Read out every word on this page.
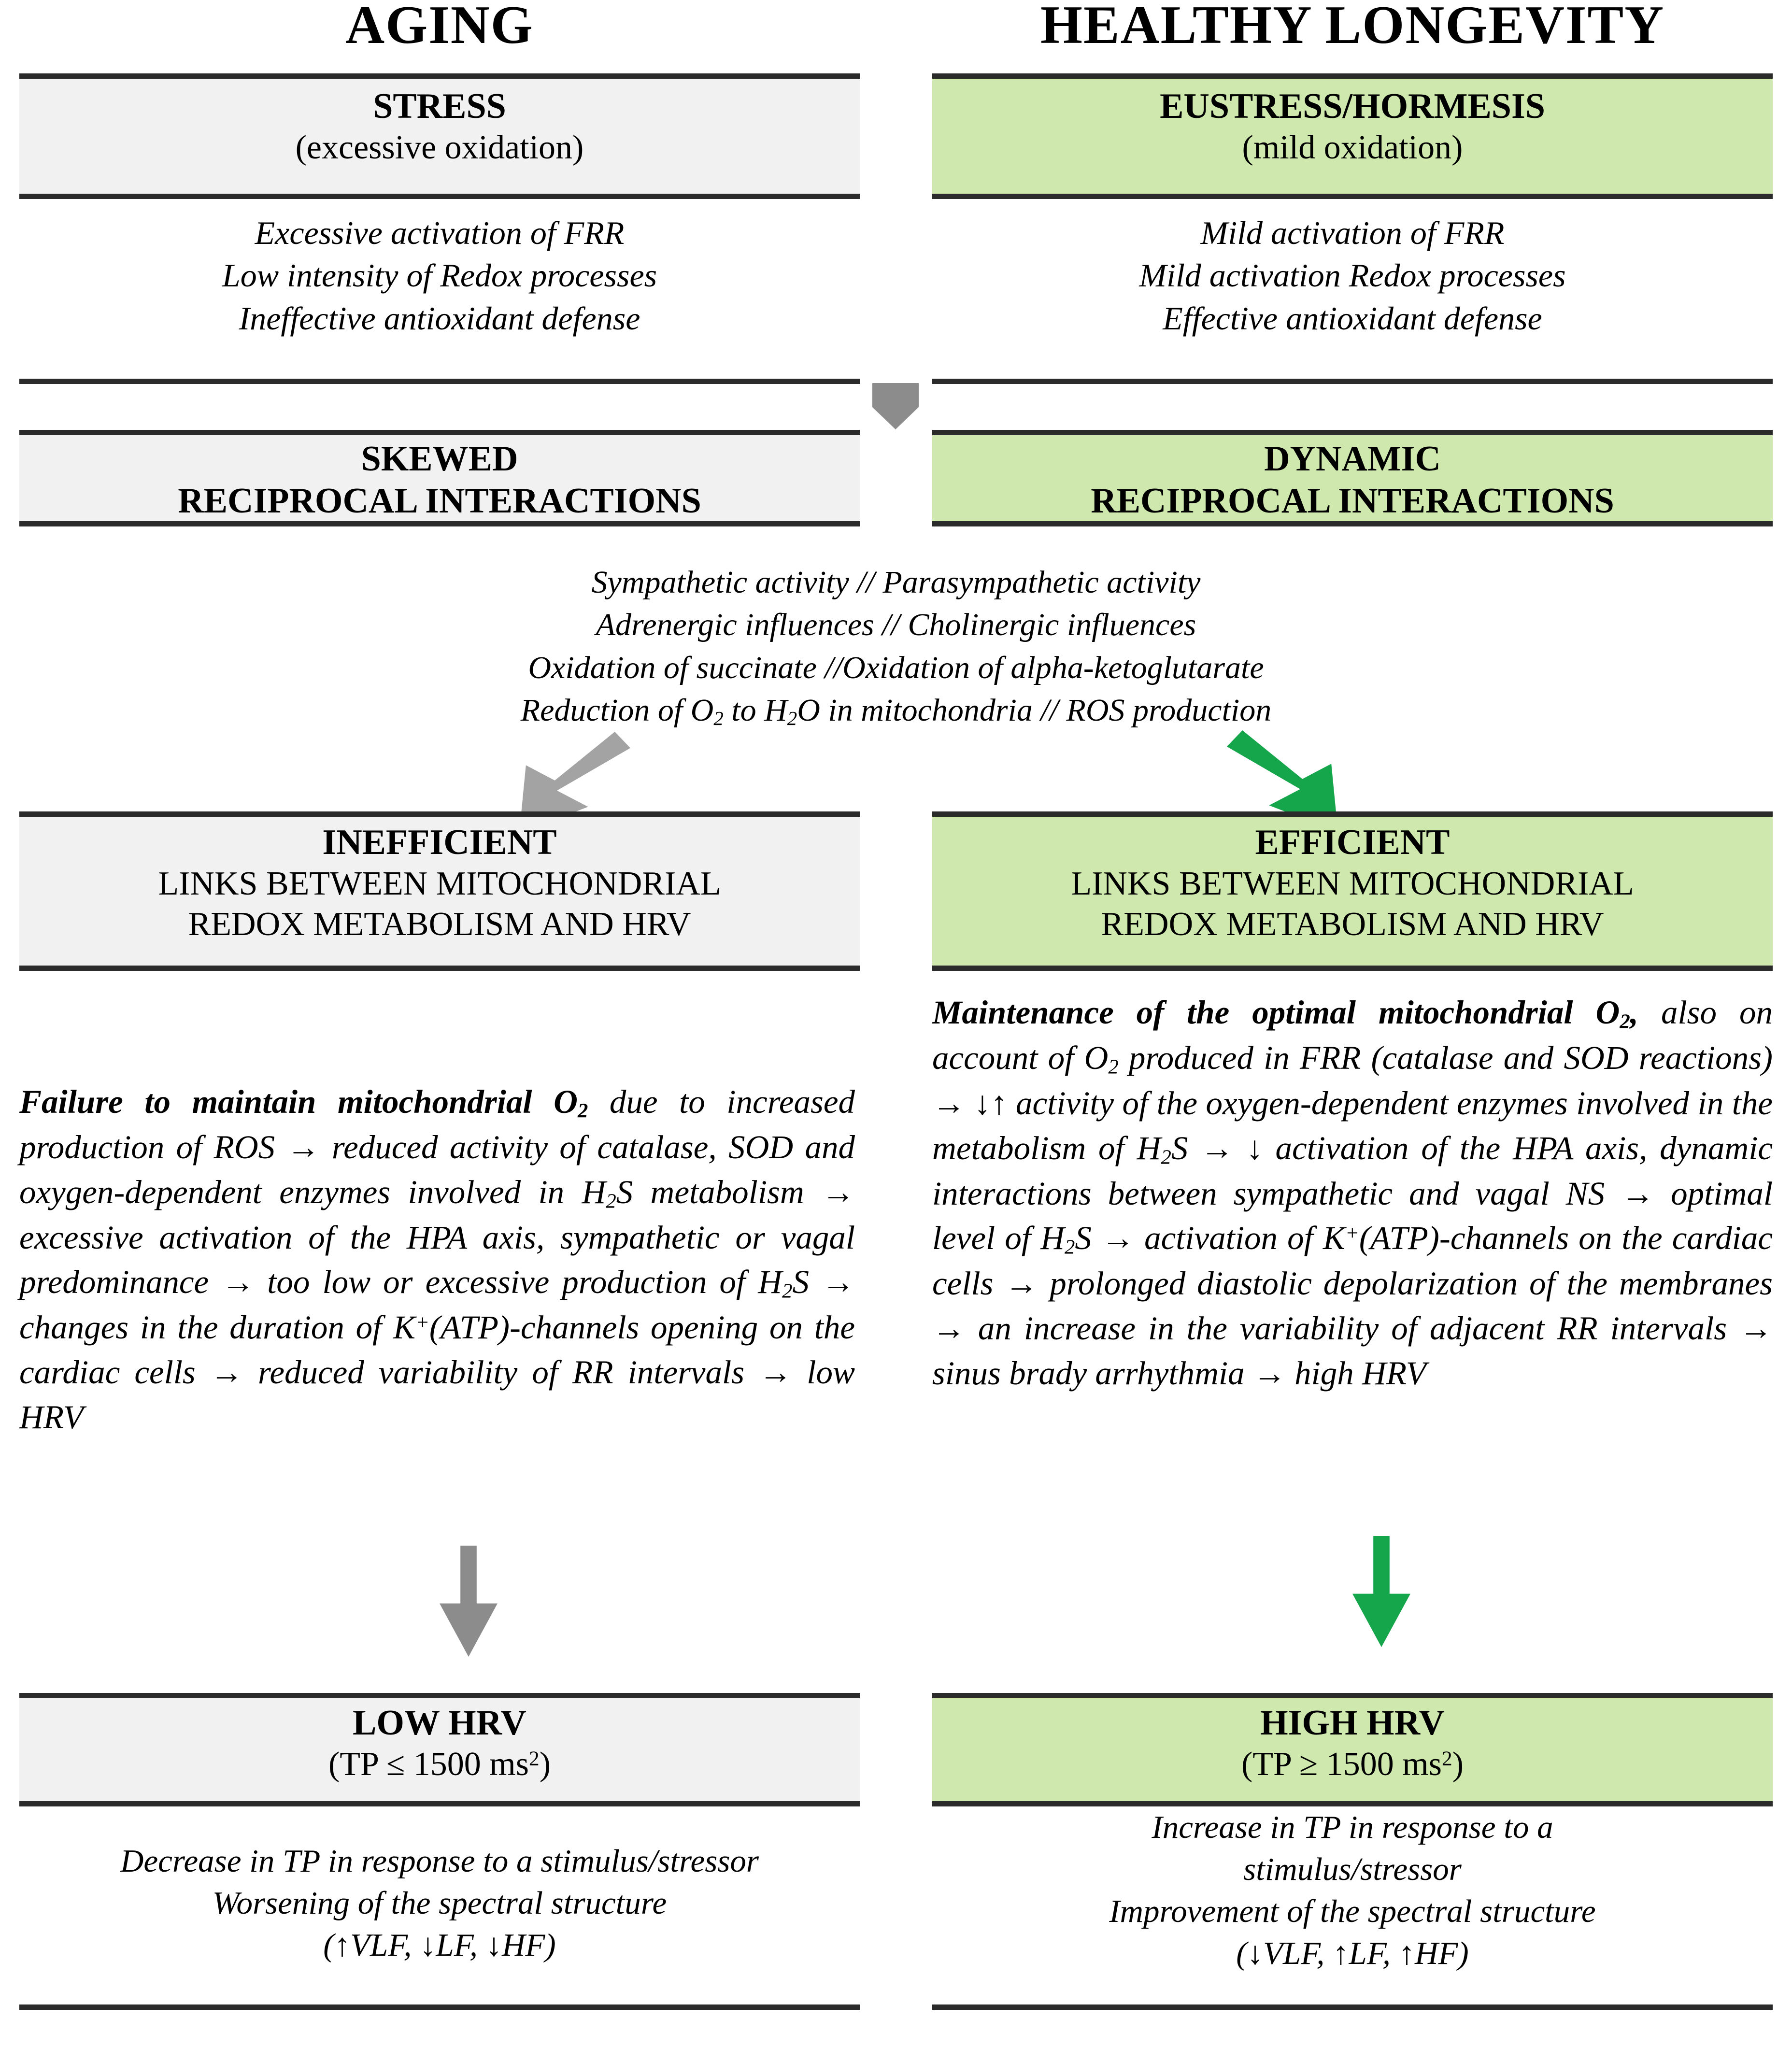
AGING	HEALTHY LONGEVITY
STRESS
(excessive oxidation)
EUSTRESS/HORMESIS
(mild oxidation)
Excessive activation of FRR
Low intensity of Redox processes
Ineffective antioxidant defense
Mild activation of FRR
Mild activation Redox processes
Effective antioxidant defense
SKEWED
RECIPROCAL INTERACTIONS
DYNAMIC
RECIPROCAL INTERACTIONS
Sympathetic activity // Parasympathetic activity
Adrenergic influences // Cholinergic influences
Oxidation of succinate //Oxidation of alpha-ketoglutarate
Reduction of $O_2$ to $H_2O$ in mitochondria // ROS production
INEFFICIENT
LINKS BETWEEN MITOCHONDRIAL
REDOX METABOLISM AND HRV
EFFICIENT
LINKS BETWEEN MITOCHONDRIAL
REDOX METABOLISM AND HRV
Failure to maintain mitochondrial $O_2$ due to increased production of ROS → reduced activity of catalase, SOD and oxygen-dependent enzymes involved in $H_2S$ metabolism → excessive activation of the HPA axis, sympathetic or vagal predominance → too low or excessive production of $H_2S$ → changes in the duration of K+(ATP)-channels opening on the cardiac cells → reduced variability of RR intervals → low HRV
Maintenance of the optimal mitochondrial $O_2$, also on account of $O_2$ produced in FRR (catalase and SOD reactions) → ↓↑ activity of the oxygen-dependent enzymes involved in the metabolism of $H_2S$ → ↓ activation of the HPA axis, dynamic interactions between sympathetic and vagal NS → optimal level of $H_2S$ → activation of K+(ATP)-channels on the cardiac cells → prolonged diastolic depolarization of the membranes → an increase in the variability of adjacent RR intervals → sinus brady arrhythmia → high HRV
LOW HRV
(TP ≤ 1500 $ms^2$)
HIGH HRV
(TP ≥ 1500 $ms^2$)
Decrease in TP in response to a stimulus/stressor
Worsening of the spectral structure
(↑VLF, ↓LF, ↓HF)
Increase in TP in response to a
stimulus/stressor
Improvement of the spectral structure
(↓VLF, ↑LF, ↑HF)
